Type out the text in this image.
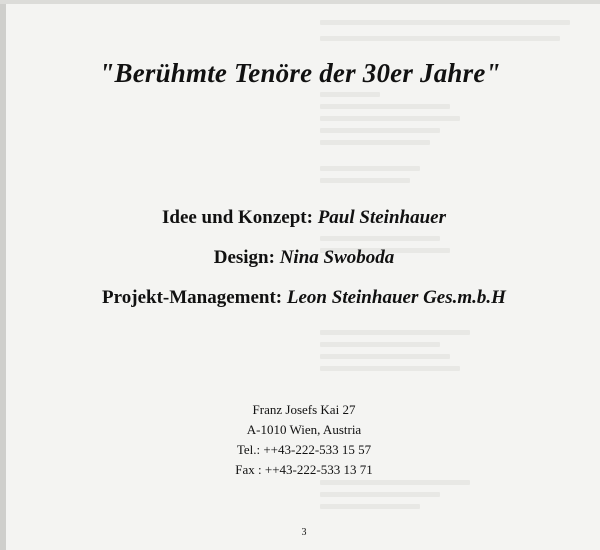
"Berühmte Tenöre der 30er Jahre"
Idee und Konzept: Paul Steinhauer
Design: Nina Swoboda
Projekt-Management: Leon Steinhauer Ges.m.b.H
Franz Josefs Kai 27
A-1010 Wien, Austria
Tel.: ++43-222-533 15 57
Fax : ++43-222-533 13 71
3
